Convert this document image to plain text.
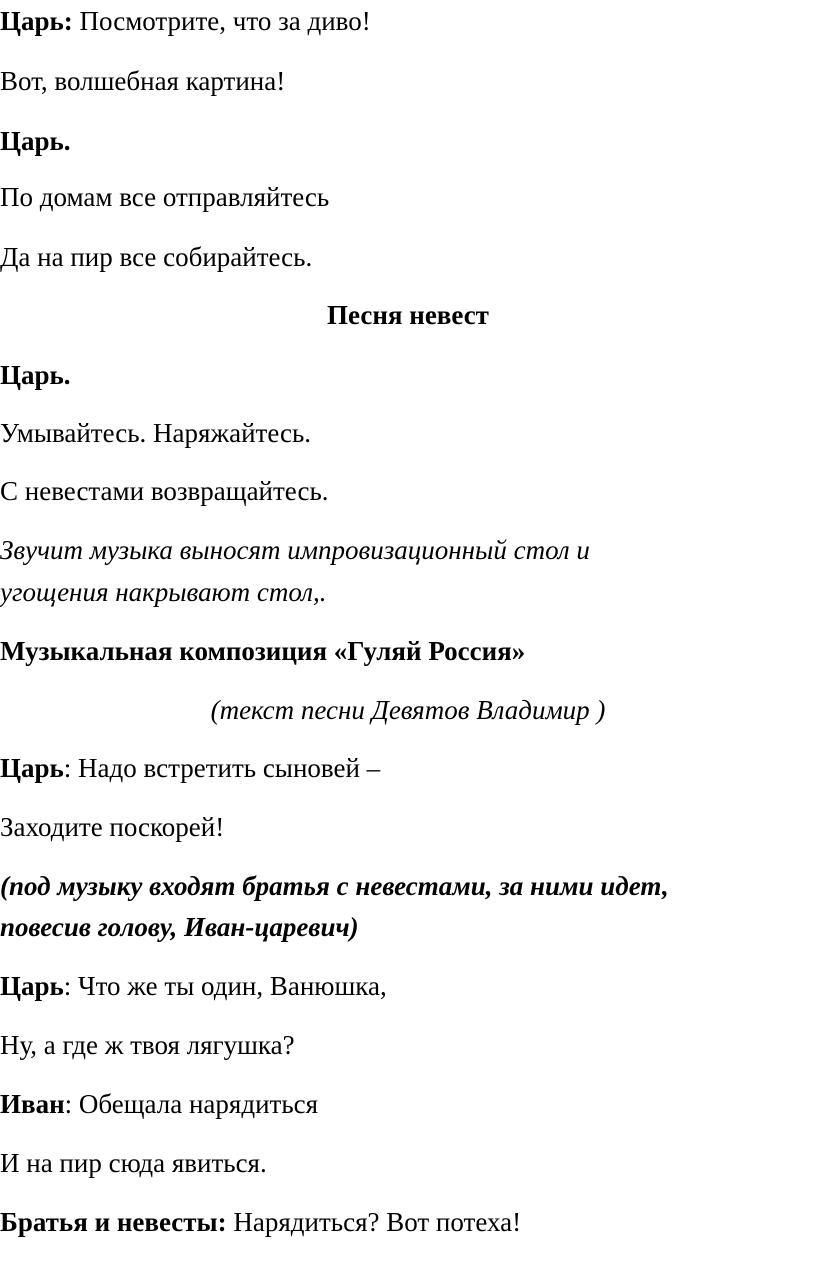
Царь: Посмотрите, что за диво!
Вот, волшебная картина!
Царь.
По домам все отправляйтесь
Да на пир все собирайтесь.
Песня невест
Царь.
Умывайтесь. Наряжайтесь.
С невестами возвращайтесь.
Звучит музыка выносят импровизационный стол и
угощения накрывают стол,.
Музыкальная композиция «Гуляй Россия»
(текст песни Девятов Владимир )
Царь: Надо встретить сыновей –
Заходите поскорей!
(под музыку входят братья с невестами, за ними идет,
повесив голову, Иван-царевич)
Царь: Что же ты один, Ванюшка,
Ну, а где ж твоя лягушка?
Иван: Обещала нарядиться
И на пир сюда явиться.
Братья и невесты: Нарядиться? Вот потеха!
